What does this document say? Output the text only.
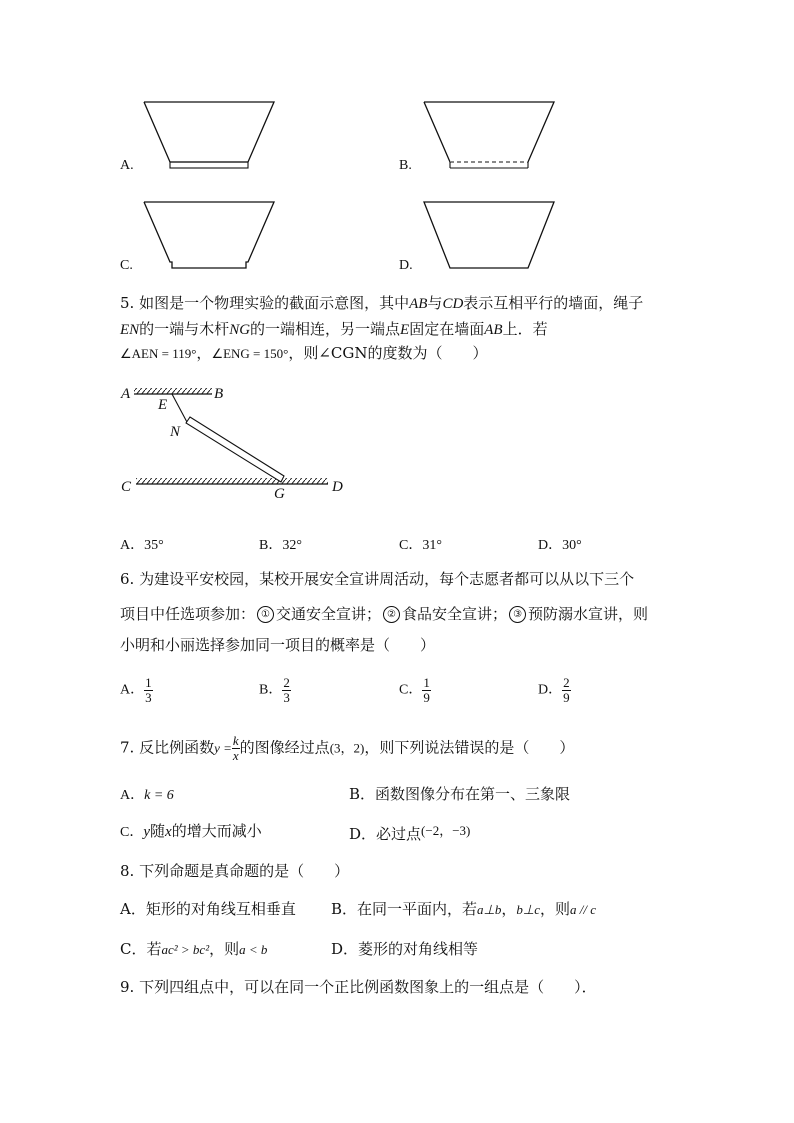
A.	B.
C.	D.
5. 如图是一个物理实验的截面示意图，其中AB与CD表示互相平行的墙面，绳子
EN的一端与木杆NG的一端相连，另一端点E固定在墙面AB上．若
∠AEN = 119°，∠ENG = 150°，则∠CGN的度数为（　　）
A	B
E
N
C	G	D
A．35°	B．32°	C．31°	D．30°
6. 为建设平安校园，某校开展安全宣讲周活动，每个志愿者都可以从以下三个
项目中任选项参加： ① 交通安全宣讲； ② 食品安全宣讲； ③ 预防溺水宣讲，则
小明和小丽选择参加同一项目的概率是（　　）
A． $\frac{1}{3}$	B． $\frac{2}{3}$	C． $\frac{1}{9}$	D． $\frac{2}{9}$
7. 反比例函数$y = \frac{k}{x}$ 的图像经过点(3，2)，则下列说法错误的是（　　）
A．k = 6	B．函数图像分布在第一、三象限
C．y随x的增大而减小	D．必过点(−2，−3)
8. 下列命题是真命题的是（　　）
A．矩形的对角线互相垂直 B．在同一平面内，若a⊥b，b⊥c，则a // c
C．若ac² > bc²，则a < b	D．菱形的对角线相等
9. 下列四组点中，可以在同一个正比例函数图象上的一组点是（　　）．
